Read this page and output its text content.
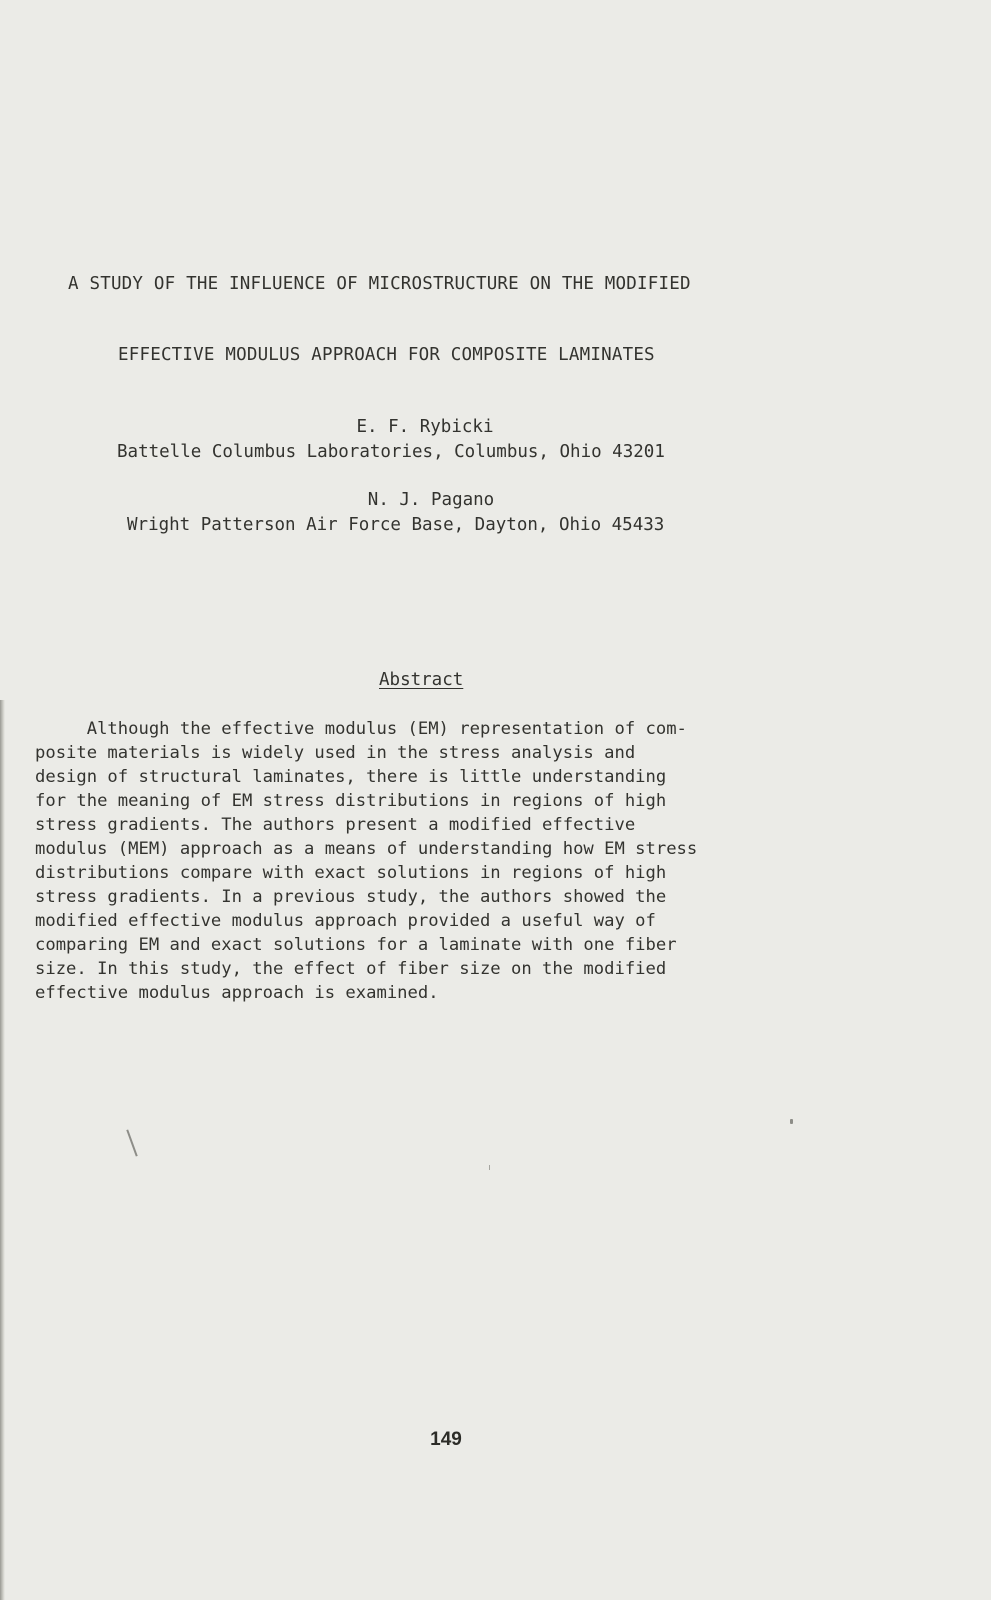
A STUDY OF THE INFLUENCE OF MICROSTRUCTURE ON THE MODIFIED

EFFECTIVE MODULUS APPROACH FOR COMPOSITE LAMINATES

E. F. Rybicki

Battelle Columbus Laboratories, Columbus, Ohio 43201

N. J. Pagano

Wright Patterson Air Force Base, Dayton, Ohio 45433

Abstract

Although the effective modulus (EM) representation of com-
posite materials is widely used in the stress analysis and
design of structural laminates, there is little understanding
for the meaning of EM stress distributions in regions of high
stress gradients. The authors present a modified effective
modulus (MEM) approach as a means of understanding how EM stress
distributions compare with exact solutions in regions of high
stress gradients. In a previous study, the authors showed the
modified effective modulus approach provided a useful way of
comparing EM and exact solutions for a laminate with one fiber
size. In this study, the effect of fiber size on the modified
effective modulus approach is examined.

149
